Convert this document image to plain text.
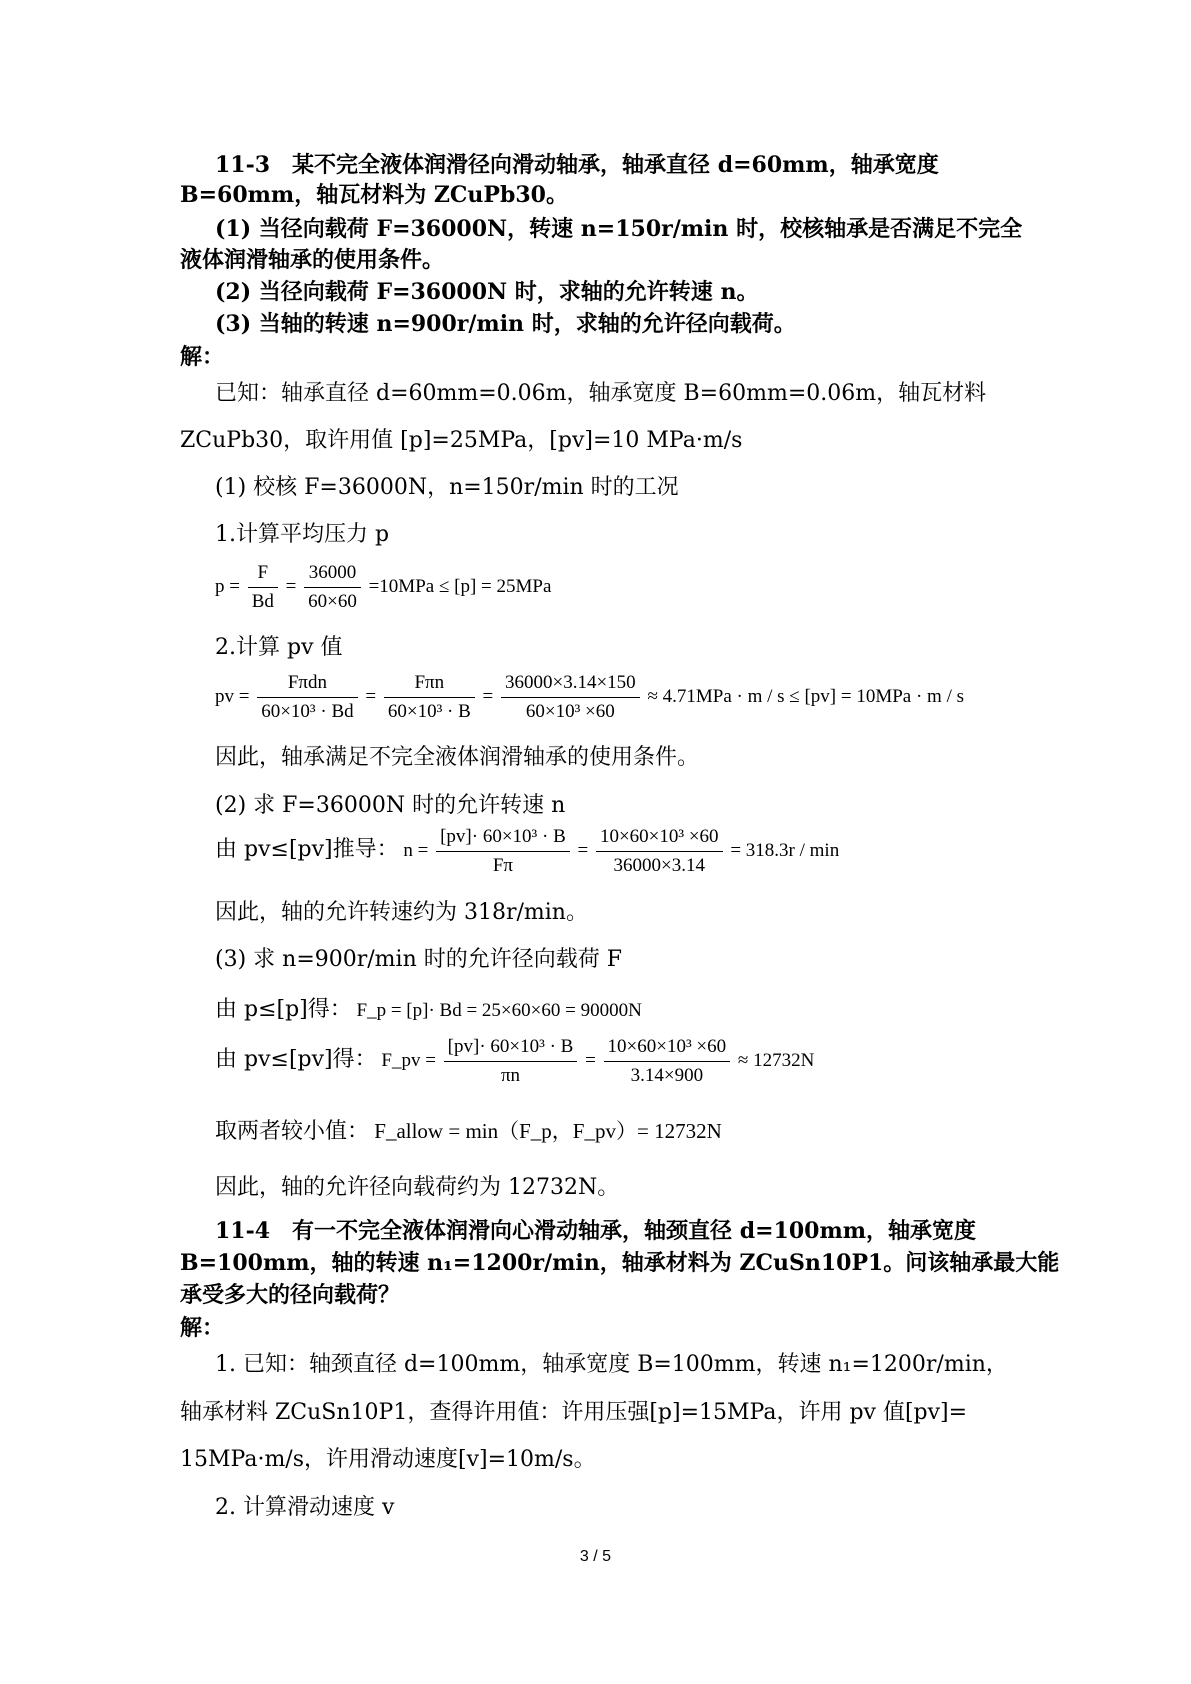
11-3　某不完全液体润滑径向滑动轴承，轴承直径 d=60mm，轴承宽度
B=60mm，轴瓦材料为 ZCuPb30。
(1) 当径向载荷 F=36000N，转速 n=150r/min 时，校核轴承是否满足不完全
液体润滑轴承的使用条件。
(2) 当径向载荷 F=36000N 时，求轴的允许转速 n。
(3) 当轴的转速 n=900r/min 时，求轴的允许径向载荷。
解：
已知：轴承直径 d=60mm=0.06m，轴承宽度 B=60mm=0.06m，轴瓦材料
ZCuPb30，取许用值 [p]=25MPa，[pv]=10 MPa·m/s
(1) 校核 F=36000N，n=150r/min 时的工况
1.计算平均压力 p
$p = \frac{F}{Bd} = \frac{36000}{60\times 60} =10MPa \le [p] = 25MPa$
2.计算 pv 值
pv = $\frac{\text{Fπdn}}{\text{60×10³ · Bd}} = \frac{\text{Fπn}}{\text{60×10³ · B}} = \frac{36000\times 3.14\times 150}{\text{60×10³ ×60}} \approx 4.71MPa \cdot m / s \le [pv] = 10MPa \cdot m / s$
因此，轴承满足不完全液体润滑轴承的使用条件。
(2) 求 F=36000N 时的允许转速 n
由 pv≤[pv]推导： $n = \frac{\text{[pv]· 60×10³ · B}}{F\pi} = \frac{\text{10×60×10³ ×60}}{36000\times 3.14} = 318.3r / \min$
因此，轴的允许转速约为 318r/min。
(3) 求 n=900r/min 时的允许径向载荷 F
由 p≤[p]得： F_p = [p]· Bd = 25×60×60 = 90000N
由 pv≤[pv]得： F_pv = $\frac{\text{[pv]· 60×10³ · B}}{\pi n} = \frac{\text{10×60×10³ ×60}}{3.14\times 900} \approx 12732N$
取两者较小值： F_allow = min（F_p，F_pv）= 12732N
因此，轴的允许径向载荷约为 12732N。
11-4　有一不完全液体润滑向心滑动轴承，轴颈直径 d=100mm，轴承宽度
B=100mm，轴的转速 n₁=1200r/min，轴承材料为 ZCuSn10P1。问该轴承最大能
承受多大的径向载荷？
解：
1. 已知：轴颈直径 d=100mm，轴承宽度 B=100mm，转速 n₁=1200r/min，
轴承材料 ZCuSn10P1，查得许用值：许用压强[p]=15MPa，许用 pv 值[pv]=
15MPa·m/s，许用滑动速度[v]=10m/s。
2. 计算滑动速度 v
3 / 5
